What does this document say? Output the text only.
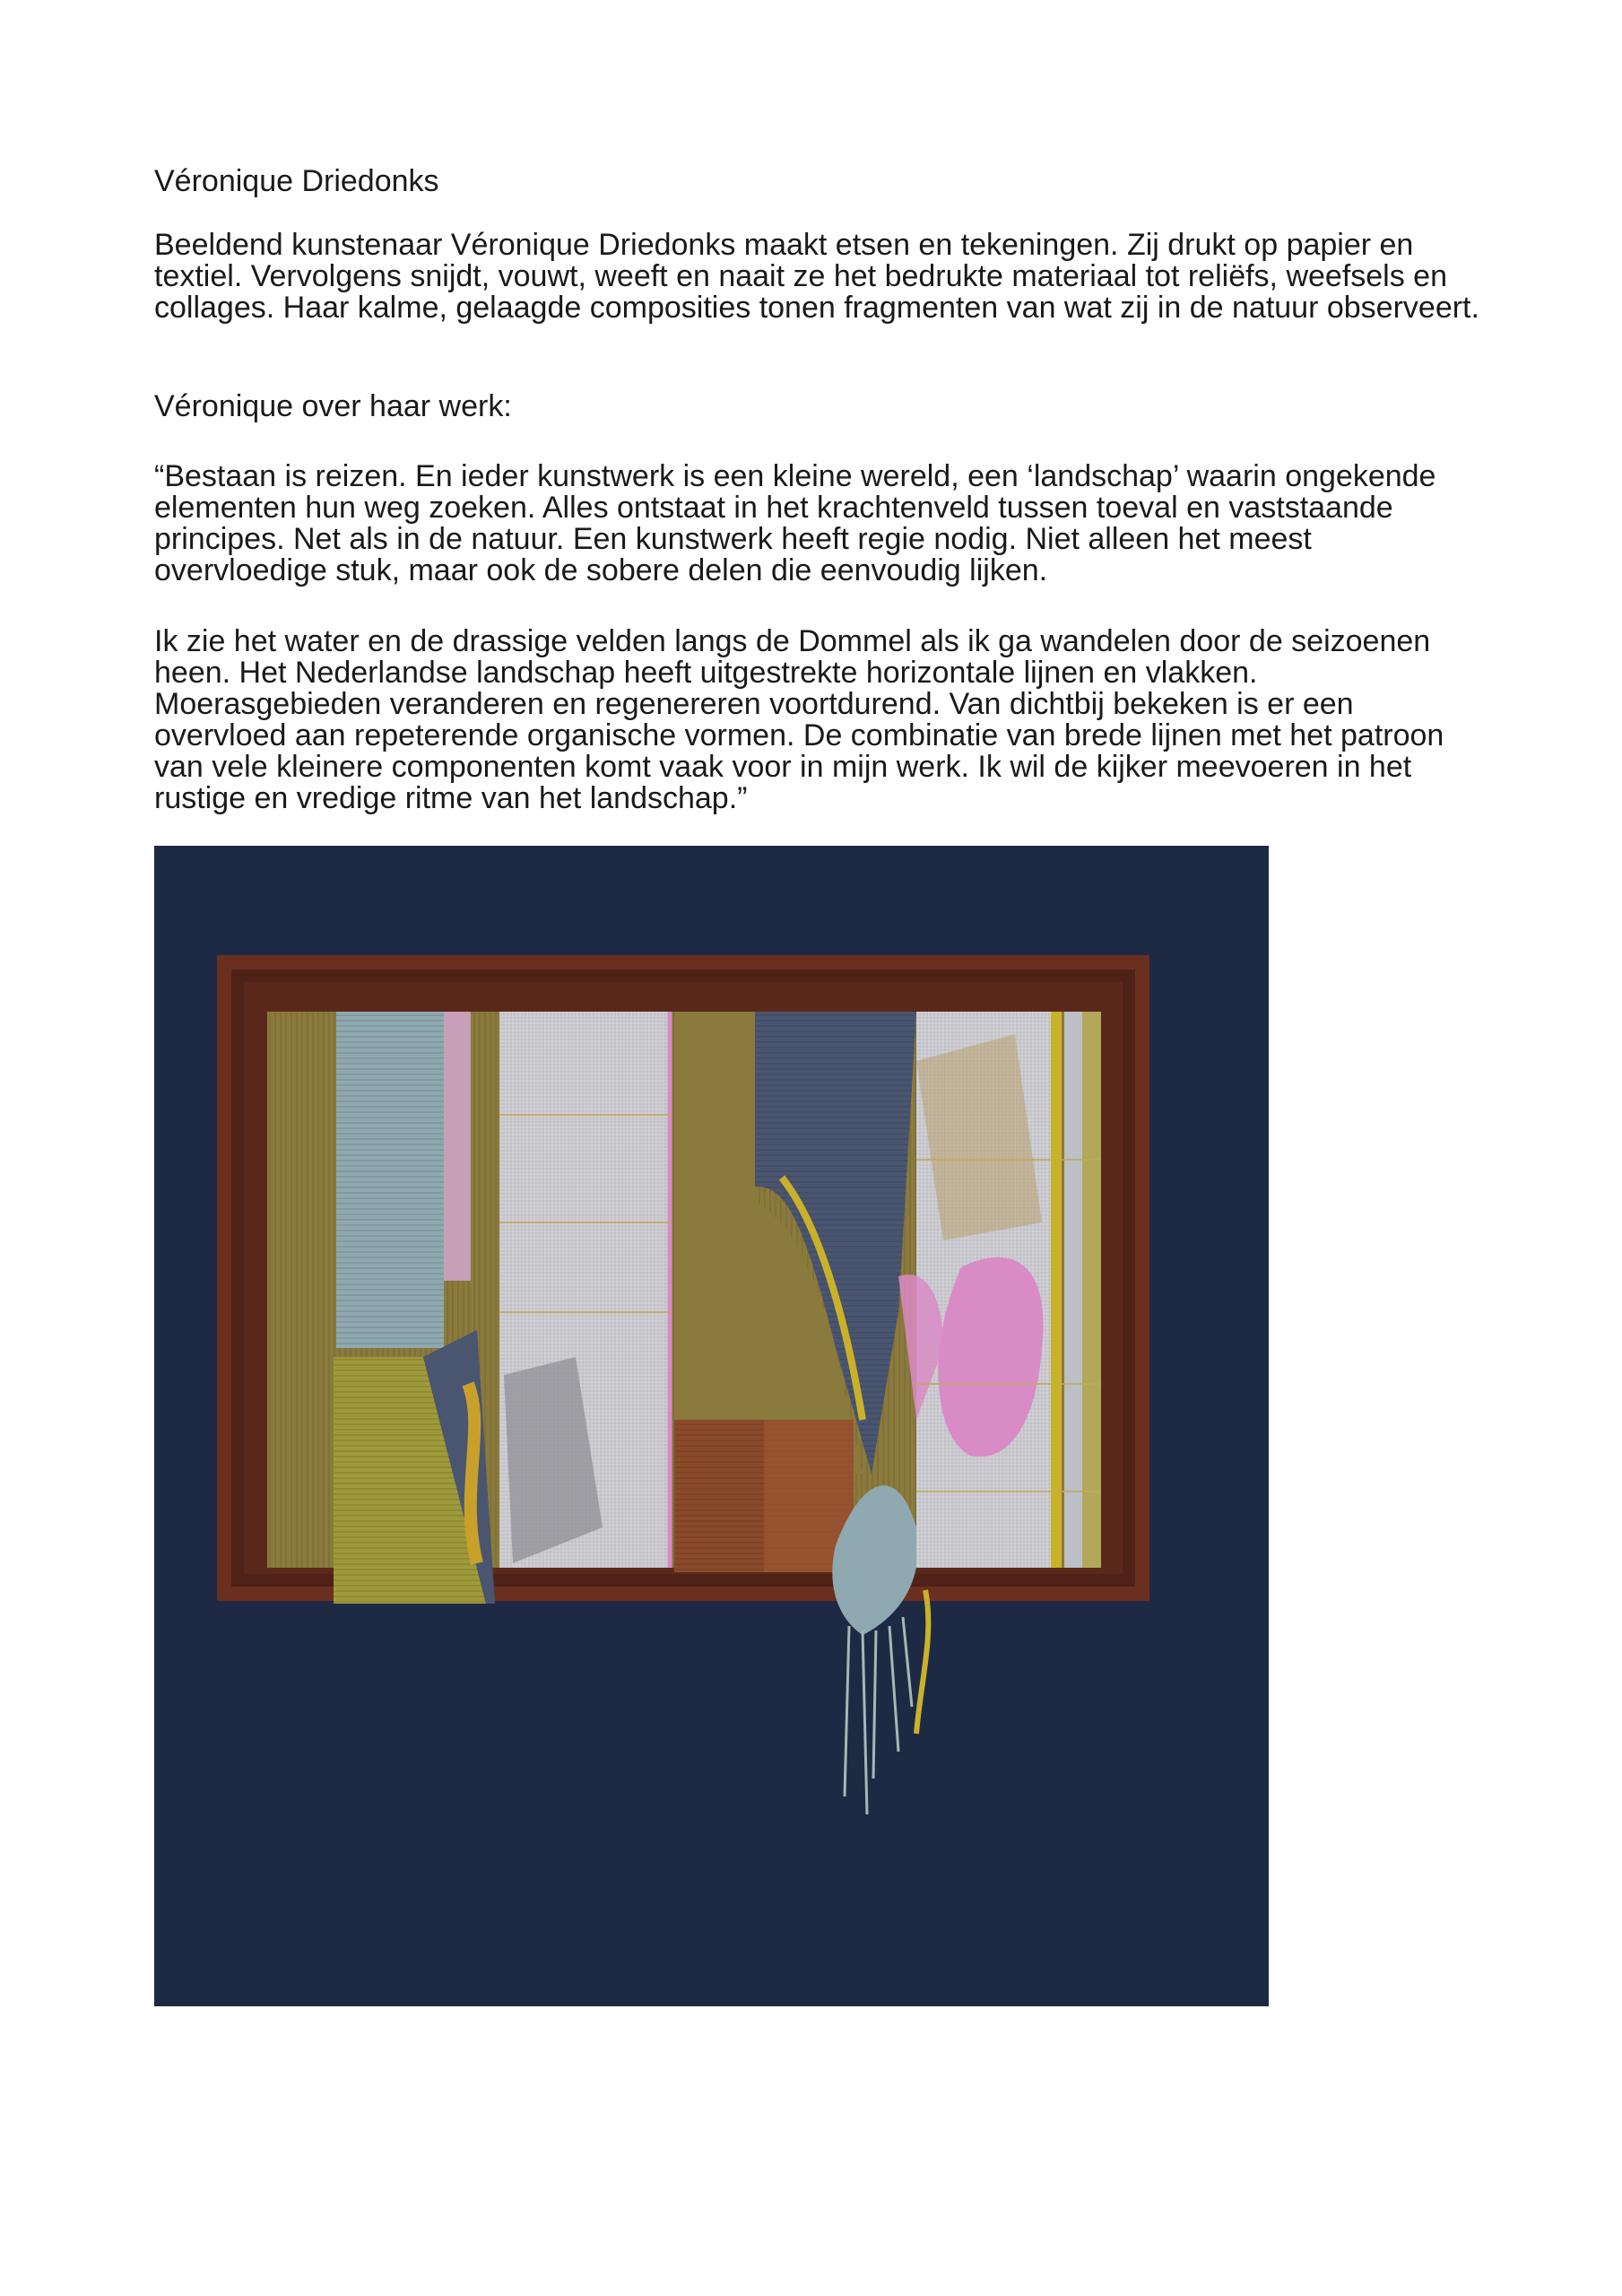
Véronique Driedonks

Beeldend kunstenaar Véronique Driedonks maakt etsen en tekeningen. Zij drukt op papier en textiel. Vervolgens snijdt, vouwt, weeft en naait ze het bedrukte materiaal tot reliëfs, weefsels en collages. Haar kalme, gelaagde composities tonen fragmenten van wat zij in de natuur observeert.

Véronique over haar werk:

“Bestaan is reizen. En ieder kunstwerk is een kleine wereld, een ‘landschap’ waarin ongekende elementen hun weg zoeken. Alles ontstaat in het krachtenveld tussen toeval en vaststaande principes. Net als in de natuur. Een kunstwerk heeft regie nodig. Niet alleen het meest overvloedige stuk, maar ook de sobere delen die eenvoudig lijken.

Ik zie het water en de drassige velden langs de Dommel als ik ga wandelen door de seizoenen heen. Het Nederlandse landschap heeft uitgestrekte horizontale lijnen en vlakken. Moerasgebieden veranderen en regenereren voortdurend. Van dichtbij bekeken is er een overvloed aan repeterende organische vormen. De combinatie van brede lijnen met het patroon van vele kleinere componenten komt vaak voor in mijn werk. Ik wil de kijker meevoeren in het rustige en vredige ritme van het landschap.”
